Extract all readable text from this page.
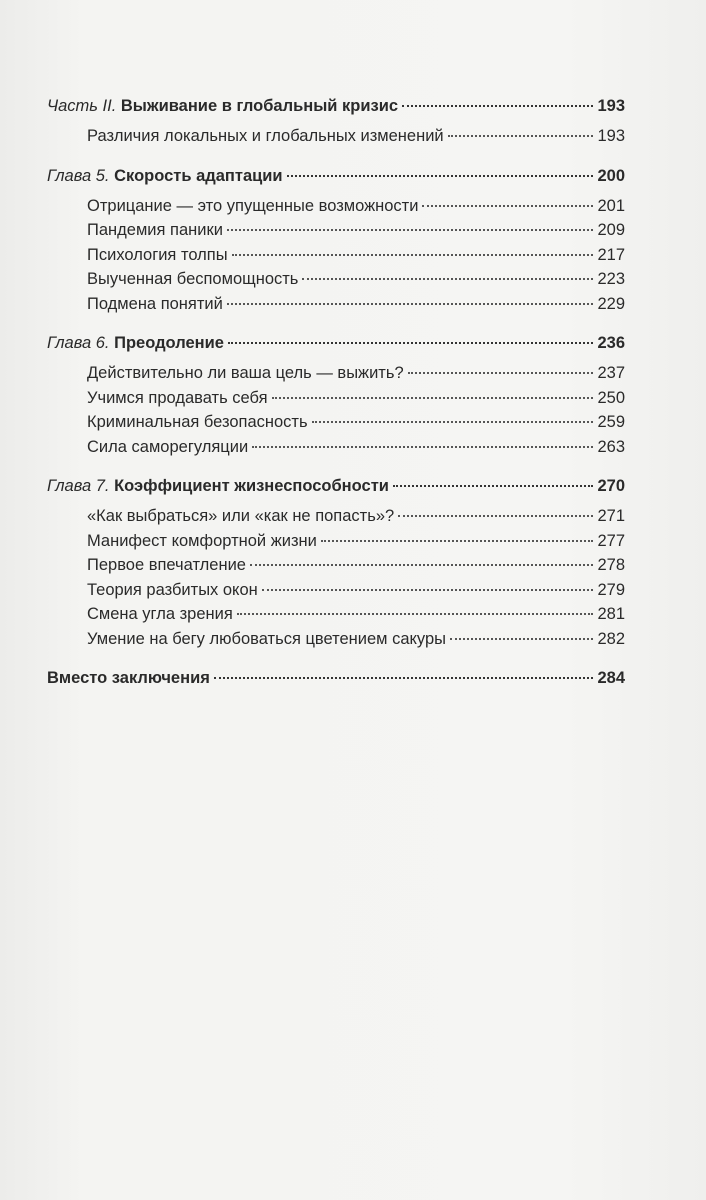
Часть II. Выживание в глобальный кризис	193
Различия локальных и глобальных изменений	193
Глава 5. Скорость адаптации	200
Отрицание — это упущенные возможности	201
Пандемия паники	209
Психология толпы	217
Выученная беспомощность	223
Подмена понятий	229
Глава 6. Преодоление	236
Действительно ли ваша цель — выжить?	237
Учимся продавать себя	250
Криминальная безопасность	259
Сила саморегуляции	263
Глава 7. Коэффициент жизнеспособности	270
«Как выбраться» или «как не попасть»?	271
Манифест комфортной жизни	277
Первое впечатление	278
Теория разбитых окон	279
Смена угла зрения	281
Умение на бегу любоваться цветением сакуры	282
Вместо заключения	284
